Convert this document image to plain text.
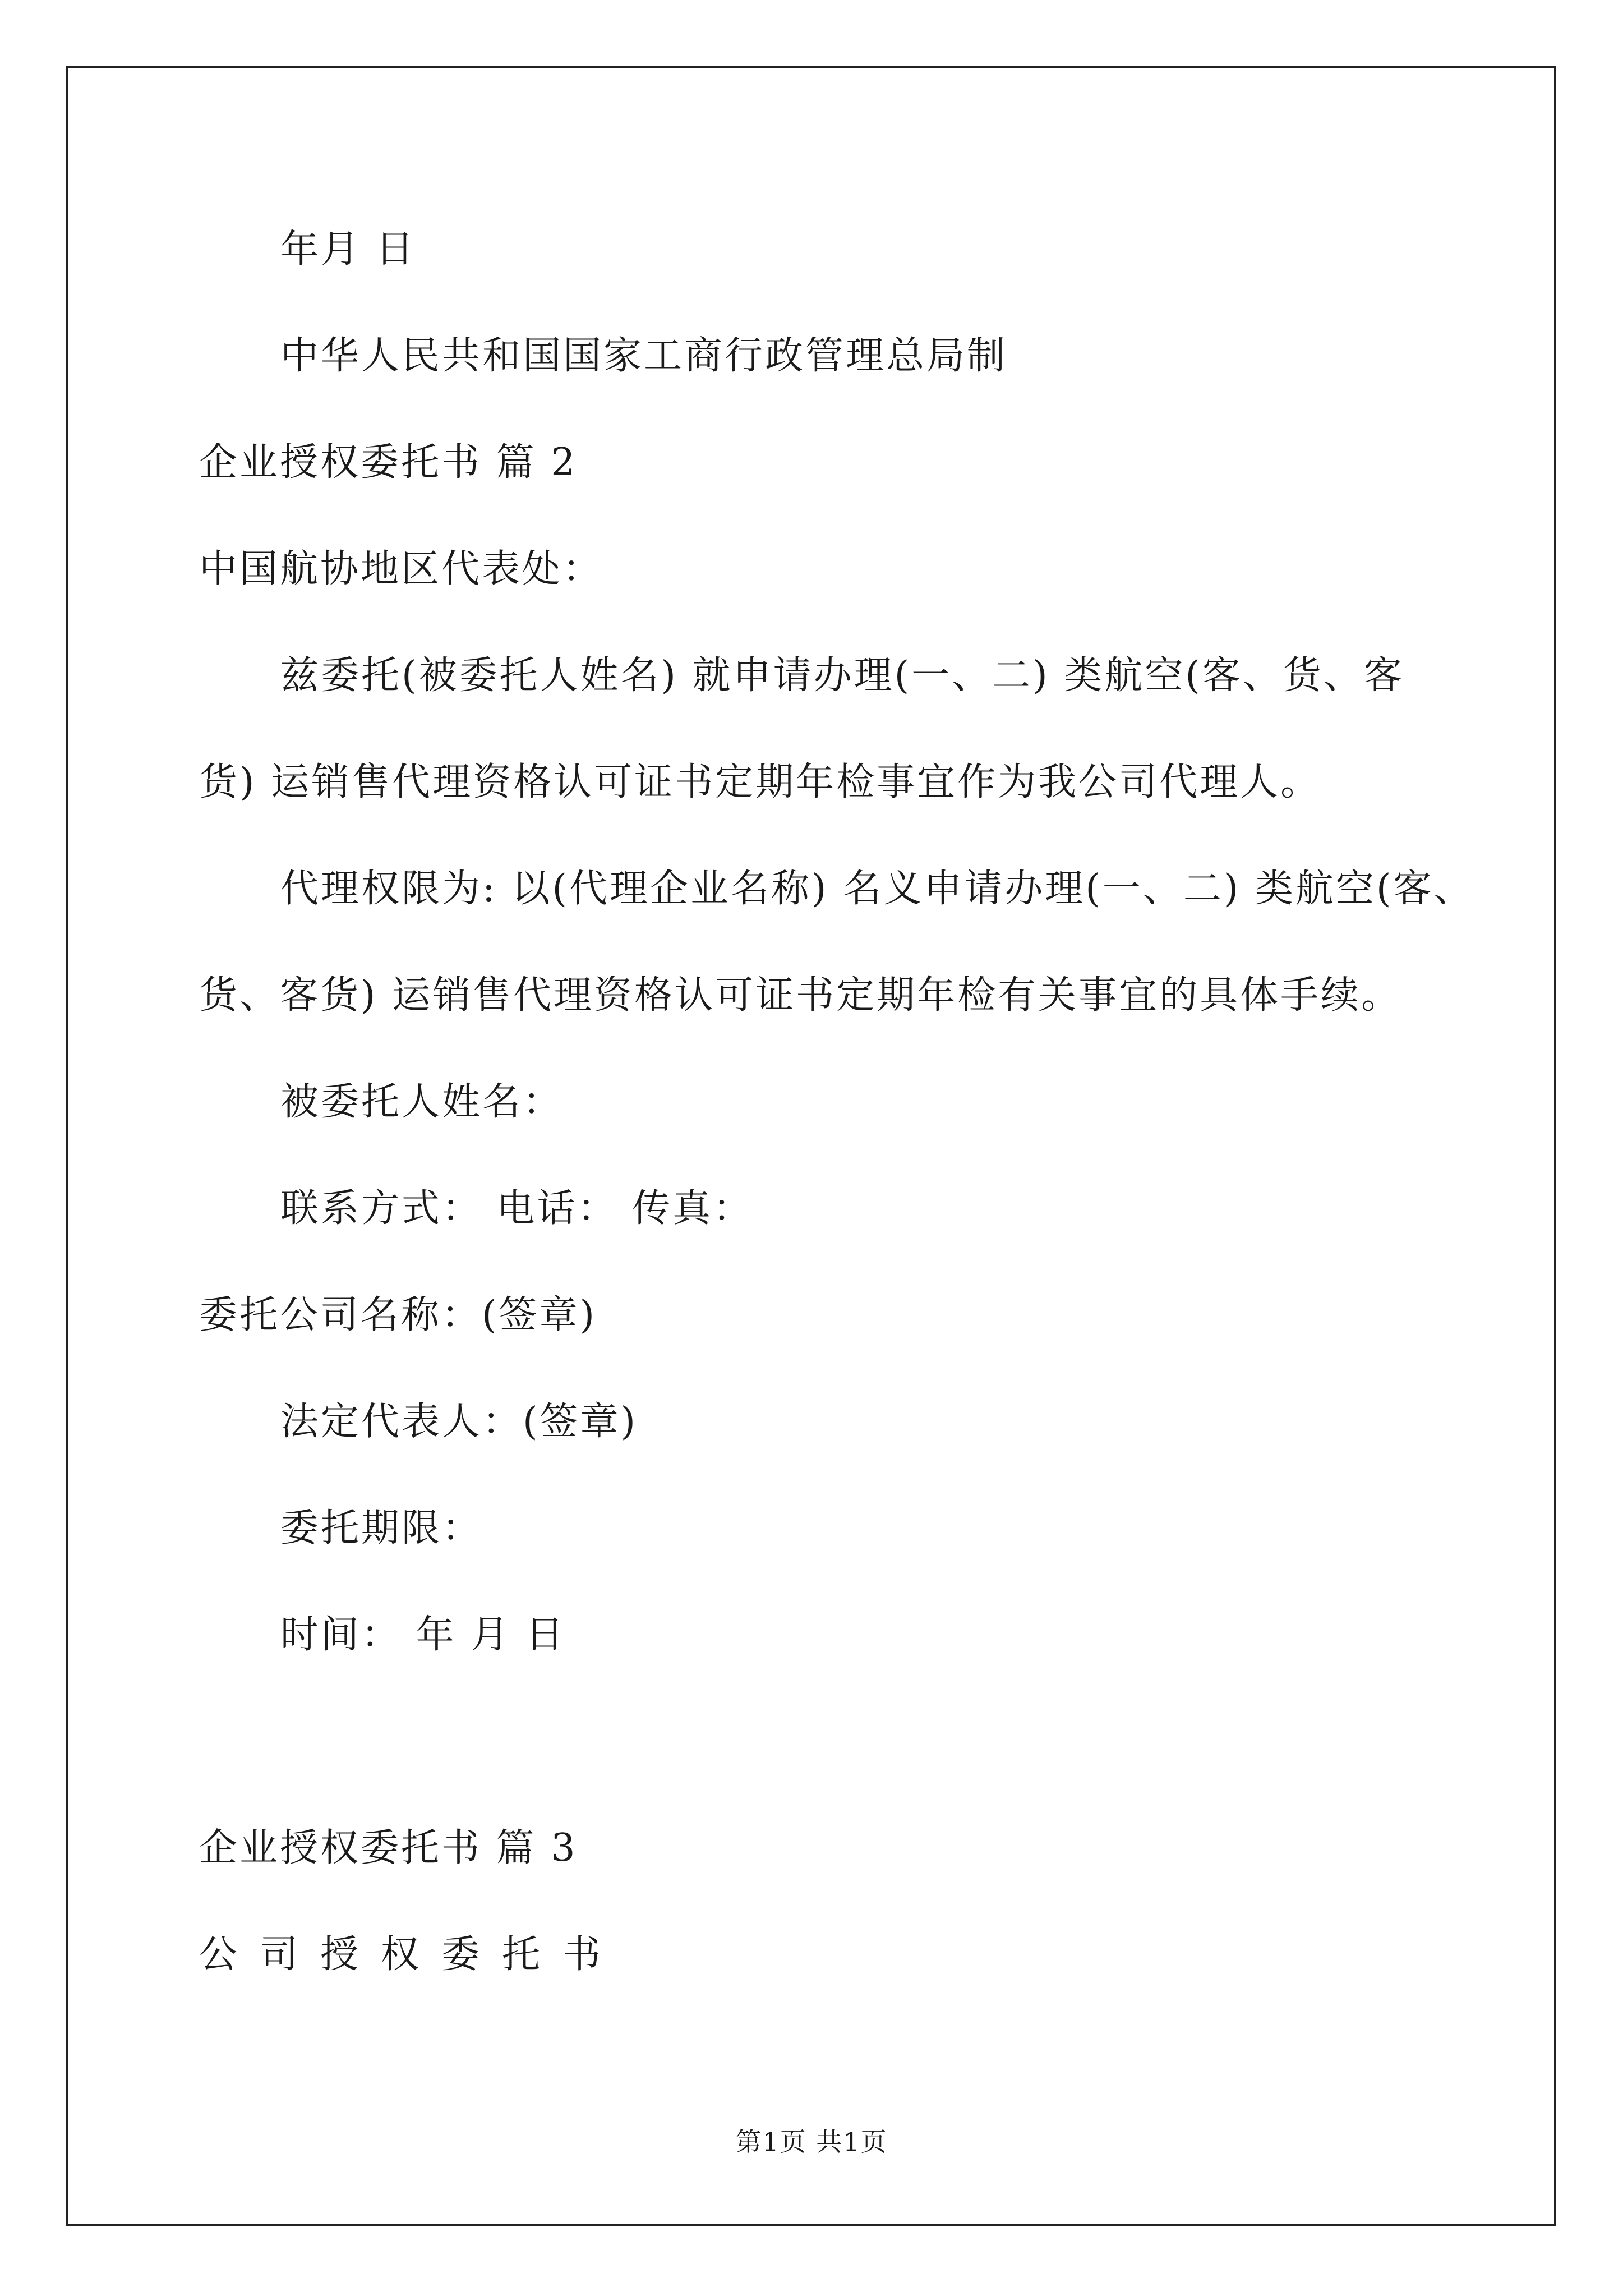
年月 日
中华人民共和国国家工商行政管理总局制
企业授权委托书 篇 2
中国航协地区代表处：
兹委托(被委托人姓名) 就申请办理(一、二) 类航空(客、货、客
货) 运销售代理资格认可证书定期年检事宜作为我公司代理人。
代理权限为: 以(代理企业名称) 名义申请办理(一、二) 类航空(客、
货、客货) 运销售代理资格认可证书定期年检有关事宜的具体手续。
被委托人姓名：
联系方式： 电话： 传真：
委托公司名称：(签章)
法定代表人：(签章)
委托期限：
时间： 年 月 日
企业授权委托书 篇 3
公司授权委托书
第1页 共1页
